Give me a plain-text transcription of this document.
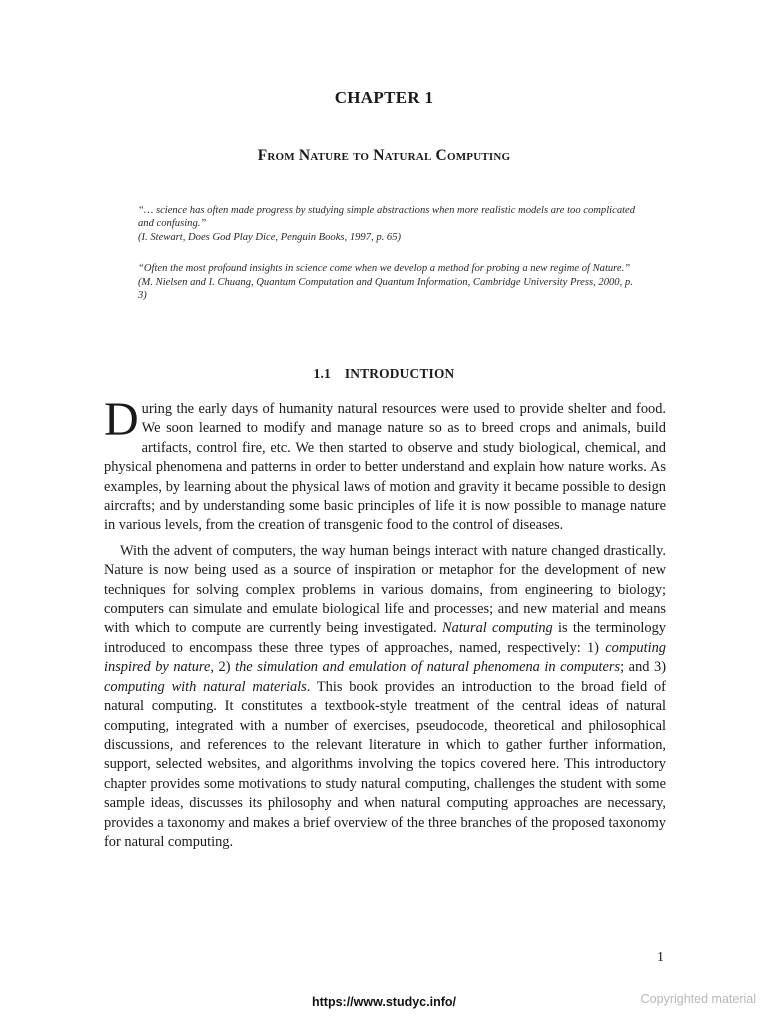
CHAPTER 1
From Nature to Natural Computing
“… science has often made progress by studying simple abstractions when more realistic models are too complicated and confusing.”
(I. Stewart, Does God Play Dice, Penguin Books, 1997, p. 65)
“Often the most profound insights in science come when we develop a method for probing a new regime of Nature.”
(M. Nielsen and I. Chuang, Quantum Computation and Quantum Information, Cambridge University Press, 2000, p. 3)
1.1 INTRODUCTION

During the early days of humanity natural resources were used to provide shelter and food. We soon learned to modify and manage nature so as to breed crops and animals, build artifacts, control fire, etc. We then started to observe and study biological, chemical, and physical phenomena and patterns in order to better understand and explain how nature works. As examples, by learning about the physical laws of motion and gravity it became possible to design aircrafts; and by understanding some basic principles of life it is now possible to manage nature in various levels, from the creation of transgenic food to the control of diseases.

With the advent of computers, the way human beings interact with nature changed drastically. Nature is now being used as a source of inspiration or metaphor for the development of new techniques for solving complex problems in various domains, from engineering to biology; computers can simulate and emulate biological life and processes; and new material and means with which to compute are currently being investigated. Natural computing is the terminology introduced to encompass these three types of approaches, named, respectively: 1) computing inspired by nature, 2) the simulation and emulation of natural phenomena in computers; and 3) computing with natural materials. This book provides an introduction to the broad field of natural computing. It constitutes a textbook-style treatment of the central ideas of natural computing, integrated with a number of exercises, pseudocode, theoretical and philosophical discussions, and references to the relevant literature in which to gather further information, support, selected websites, and algorithms involving the topics covered here. This introductory chapter provides some motivations to study natural computing, challenges the student with some sample ideas, discusses its philosophy and when natural computing approaches are necessary, provides a taxonomy and makes a brief overview of the three branches of the proposed taxonomy for natural computing.

1
https://www.studyc.info/	Copyrighted material
